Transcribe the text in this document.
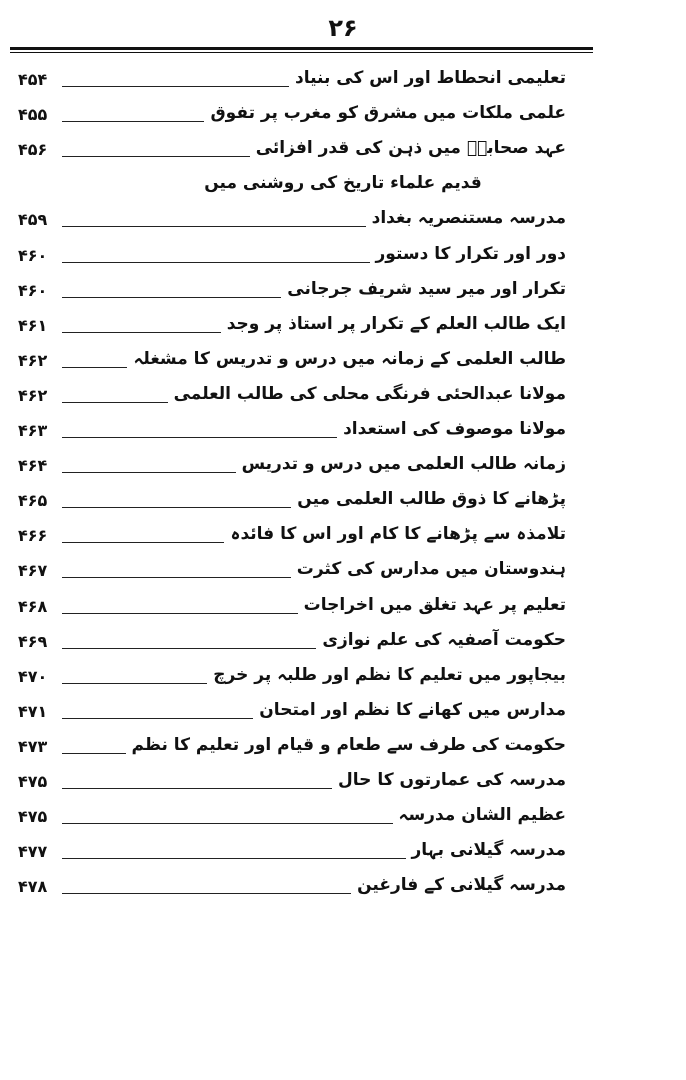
۲۶
تعلیمی انحطاط اور اس کی بنیاد
۴۵۴
علمی ملکات میں مشرق کو مغرب پر تفوق
۴۵۵
عہد صحابہؓ میں ذہن کی قدر افزائی
۴۵۶
قدیم علماء تاریخ کی روشنی میں
مدرسہ مستنصریہ بغداد
۴۵۹
دور اور تکرار کا دستور
۴۶۰
تکرار اور میر سید شریف جرجانی
۴۶۰
ایک طالب العلم کے تکرار پر استاذ پر وجد
۴۶۱
طالب العلمی کے زمانہ میں درس و تدریس کا مشغلہ
۴۶۲
مولانا عبدالحئی فرنگی محلی کی طالب العلمی
۴۶۲
مولانا موصوف کی استعداد
۴۶۳
زمانہ طالب العلمی میں درس و تدریس
۴۶۴
پڑھانے کا ذوق طالب العلمی میں
۴۶۵
تلامذہ سے پڑھانے کا کام اور اس کا فائدہ
۴۶۶
ہندوستان میں مدارس کی کثرت
۴۶۷
تعلیم پر عہد تغلق میں اخراجات
۴۶۸
حکومت آصفیہ کی علم نوازی
۴۶۹
بیجاپور میں تعلیم کا نظم اور طلبہ پر خرچ
۴۷۰
مدارس میں کھانے کا نظم اور امتحان
۴۷۱
حکومت کی طرف سے طعام و قیام اور تعلیم کا نظم
۴۷۳
مدرسہ کی عمارتوں کا حال
۴۷۵
عظیم الشان مدرسہ
۴۷۵
مدرسہ گیلانی بہار
۴۷۷
مدرسہ گیلانی کے فارغین
۴۷۸
